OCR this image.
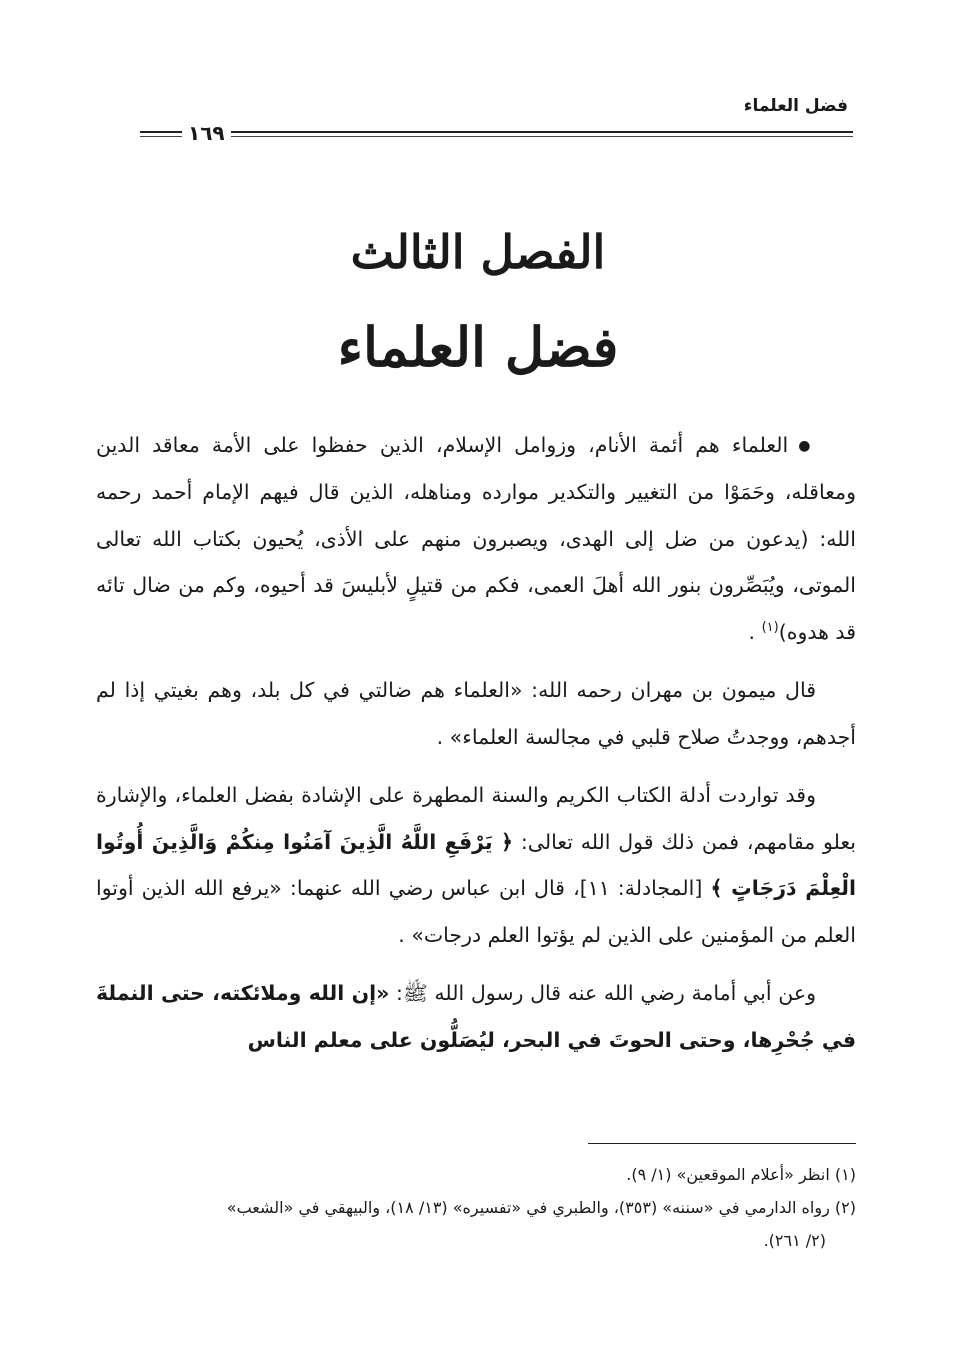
فضل العلماء
١٦٩
الفصل الثالث
فضل العلماء

●العلماء هم أئمة الأنام، وزوامل الإسلام، الذين حفظوا على الأمة معاقد الدين ومعاقله، وحَمَوْا من التغيير والتكدير موارده ومناهله، الذين قال فيهم الإمام أحمد رحمه الله: (يدعون من ضل إلى الهدى، ويصبرون منهم على الأذى، يُحيون بكتاب الله تعالى الموتى، ويُبَصِّرون بنور الله أهلَ العمى، فكم من قتيلٍ لأبليسَ قد أحيوه، وكم من ضال تائه قد هدوه)$^{(١)}$ .

قال ميمون بن مهران رحمه الله: «العلماء هم ضالتي في كل بلد، وهم بغيتي إذا لم أجدهم، ووجدتُ صلاح قلبي في مجالسة العلماء» .

وقد تواردت أدلة الكتاب الكريم والسنة المطهرة على الإشادة بفضل العلماء، والإشارة بعلو مقامهم، فمن ذلك قول الله تعالى: ﴿ يَرْفَعِ اللَّهُ الَّذِينَ آمَنُوا مِنكُمْ وَالَّذِينَ أُوتُوا الْعِلْمَ دَرَجَاتٍ ﴾ [المجادلة: ١١]، قال ابن عباس رضي الله عنهما: «يرفع الله الذين أوتوا العلم من المؤمنين على الذين لم يؤتوا العلم درجات» .

وعن أبي أمامة رضي الله عنه قال رسول الله ﷺ: «إن الله وملائكته، حتى النملةَ في جُحْرِها، وحتى الحوتَ في البحر، ليُصَلُّون على معلم الناس

(١) انظر «أعلام الموقعين» (١/ ٩).

(٢) رواه الدارمي في «سننه» (٣٥٣)، والطبري في «تفسيره» (١٣/ ١٨)، والبيهقي في «الشعب»

(٢/ ٢٦١).
